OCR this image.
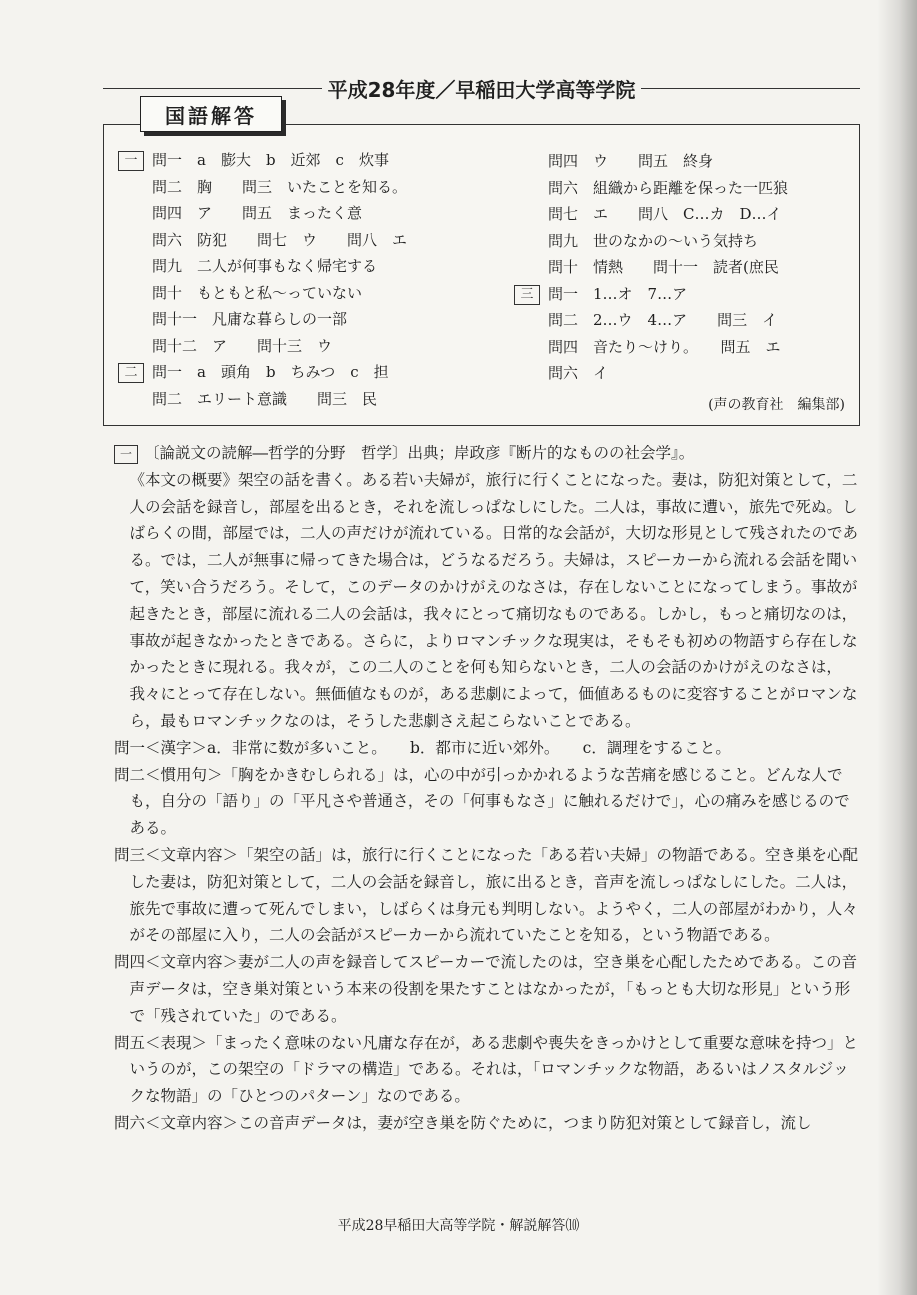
平成28年度／早稲田大学高等学院
国語解答
一 問一　a　膨大　b　近郊　c　炊事
問二　胸　　問三　いたことを知る。
問四　ア　　問五　まったく意
問六　防犯　　問七　ウ　　問八　エ
問九　二人が何事もなく帰宅する
問十　もともと私〜っていない
問十一　凡庸な暮らしの一部
問十二　ア　　問十三　ウ
二 問一　a　頭角　b　ちみつ　c　担
問二　エリート意識　　問三　民
問四　ウ　　問五　終身
問六　組織から距離を保った一匹狼
問七　エ　　問八　C…カ　D…イ
問九　世のなかの〜いう気持ち
問十　情熱　　問十一　読者(庶民
三 問一　1…オ　7…ア
問二　2…ウ　4…ア　　問三　イ
問四　音たり〜けり。　　問五　エ
問六　イ
(声の教育社　編集部)

一 〔論説文の読解―哲学的分野　哲学〕出典；岸政彦『断片的なものの社会学』。

《本文の概要》架空の話を書く。ある若い夫婦が，旅行に行くことになった。妻は，防犯対策として，二人の会話を録音し，部屋を出るとき，それを流しっぱなしにした。二人は，事故に遭い，旅先で死ぬ。しばらくの間，部屋では，二人の声だけが流れている。日常的な会話が，大切な形見として残されたのである。では，二人が無事に帰ってきた場合は，どうなるだろう。夫婦は，スピーカーから流れる会話を聞いて，笑い合うだろう。そして，このデータのかけがえのなさは，存在しないことになってしまう。事故が起きたとき，部屋に流れる二人の会話は，我々にとって痛切なものである。しかし，もっと痛切なのは，事故が起きなかったときである。さらに，よりロマンチックな現実は，そもそも初めの物語すら存在しなかったときに現れる。我々が，この二人のことを何も知らないとき，二人の会話のかけがえのなさは，我々にとって存在しない。無価値なものが，ある悲劇によって，価値あるものに変容することがロマンなら，最もロマンチックなのは，そうした悲劇さえ起こらないことである。

問一＜漢字＞a．非常に数が多いこと。　　b．都市に近い郊外。　　c．調理をすること。

問二＜慣用句＞「胸をかきむしられる」は，心の中が引っかかれるような苦痛を感じること。どんな人でも，自分の「語り」の「平凡さや普通さ，その「何事もなさ」に触れるだけで」，心の痛みを感じるのである。

問三＜文章内容＞「架空の話」は，旅行に行くことになった「ある若い夫婦」の物語である。空き巣を心配した妻は，防犯対策として，二人の会話を録音し，旅に出るとき，音声を流しっぱなしにした。二人は，旅先で事故に遭って死んでしまい，しばらくは身元も判明しない。ようやく，二人の部屋がわかり，人々がその部屋に入り，二人の会話がスピーカーから流れていたことを知る，という物語である。

問四＜文章内容＞妻が二人の声を録音してスピーカーで流したのは，空き巣を心配したためである。この音声データは，空き巣対策という本来の役割を果たすことはなかったが，「もっとも大切な形見」という形で「残されていた」のである。

問五＜表現＞「まったく意味のない凡庸な存在が，ある悲劇や喪失をきっかけとして重要な意味を持つ」というのが，この架空の「ドラマの構造」である。それは，「ロマンチックな物語，あるいはノスタルジックな物語」の「ひとつのパターン」なのである。

問六＜文章内容＞この音声データは，妻が空き巣を防ぐために，つまり防犯対策として録音し，流し

平成28早稲田大高等学院・解説解答⑽
